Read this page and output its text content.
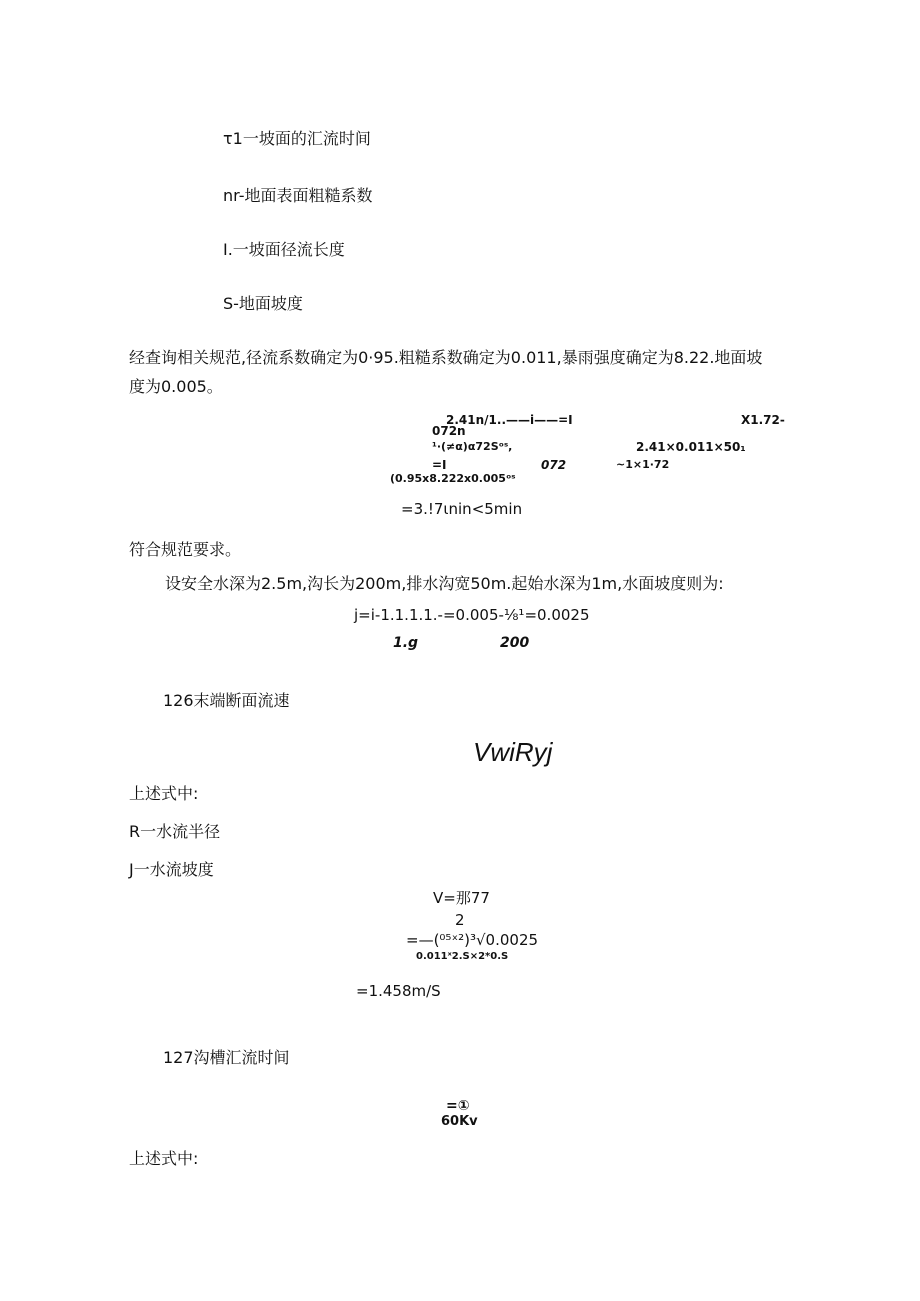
τ1一坡面的汇流时间
nr-地面表面粗糙系数
I.一坡面径流长度
S-地面坡度
经查询相关规范,径流系数确定为0·95.粗糙系数确定为0.011,暴雨强度确定为8.22.地面坡
度为0.005。
2.41n/1..——i——=I	X1.72-
072n
¹·(≠α)α72Sᵒˢ,	2.41×0.011×50₁
=I	072	~1×1·72
(0.95x8.222x0.005ᵒˢ
=3.!7ιnin<5min
符合规范要求。
设安全水深为2.5m,沟长为200m,排水沟宽50m.起始水深为1m,水面坡度则为:
j=i-1.1.1.1.-=0.005-⅛¹=0.0025
1.g	200
126末端断面流速
VwiRyj
上述式中:
R一水流半径
J一水流坡度
V=那77
2
=—(⁰⁵ˣ²)³√0.0025
0.011ˣ2.S×2*0.S
=1.458m∕S
127沟槽汇流时间
=①
60Kv
上述式中:
